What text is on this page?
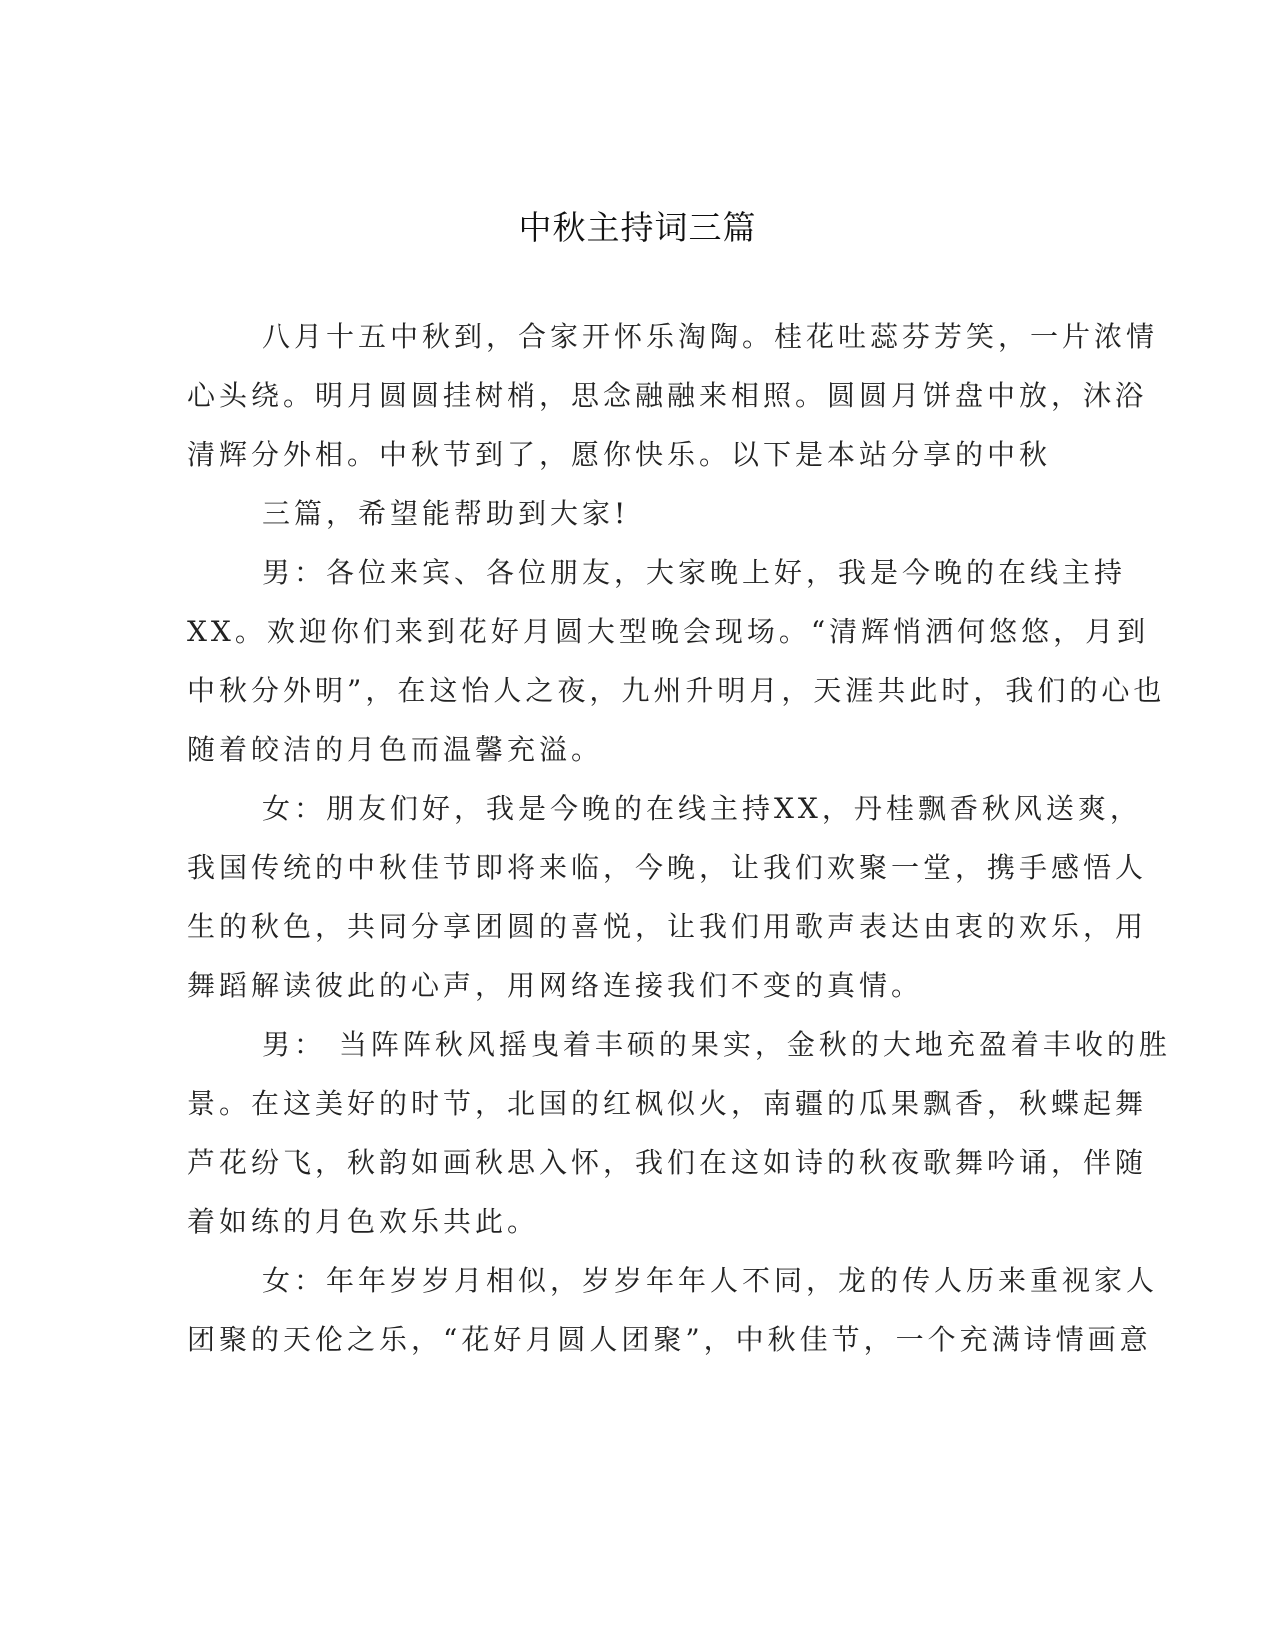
中秋主持词三篇
八月十五中秋到，合家开怀乐淘陶。桂花吐蕊芬芳笑，一片浓情
心头绕。明月圆圆挂树梢，思念融融来相照。圆圆月饼盘中放，沐浴
清辉分外相。中秋节到了，愿你快乐。以下是本站分享的中秋
三篇，希望能帮助到大家!
男：各位来宾、各位朋友，大家晚上好，我是今晚的在线主持
XX。欢迎你们来到花好月圆大型晚会现场。“清辉悄洒何悠悠，月到
中秋分外明”，在这怡人之夜，九州升明月，天涯共此时，我们的心也
随着皎洁的月色而温馨充溢。
女：朋友们好，我是今晚的在线主持XX，丹桂飘香秋风送爽，
我国传统的中秋佳节即将来临，今晚，让我们欢聚一堂，携手感悟人
生的秋色，共同分享团圆的喜悦，让我们用歌声表达由衷的欢乐，用
舞蹈解读彼此的心声，用网络连接我们不变的真情。
男： 当阵阵秋风摇曳着丰硕的果实，金秋的大地充盈着丰收的胜
景。在这美好的时节，北国的红枫似火，南疆的瓜果飘香，秋蝶起舞
芦花纷飞，秋韵如画秋思入怀，我们在这如诗的秋夜歌舞吟诵，伴随
着如练的月色欢乐共此。
女：年年岁岁月相似，岁岁年年人不同，龙的传人历来重视家人
团聚的天伦之乐，“花好月圆人团聚”，中秋佳节，一个充满诗情画意
